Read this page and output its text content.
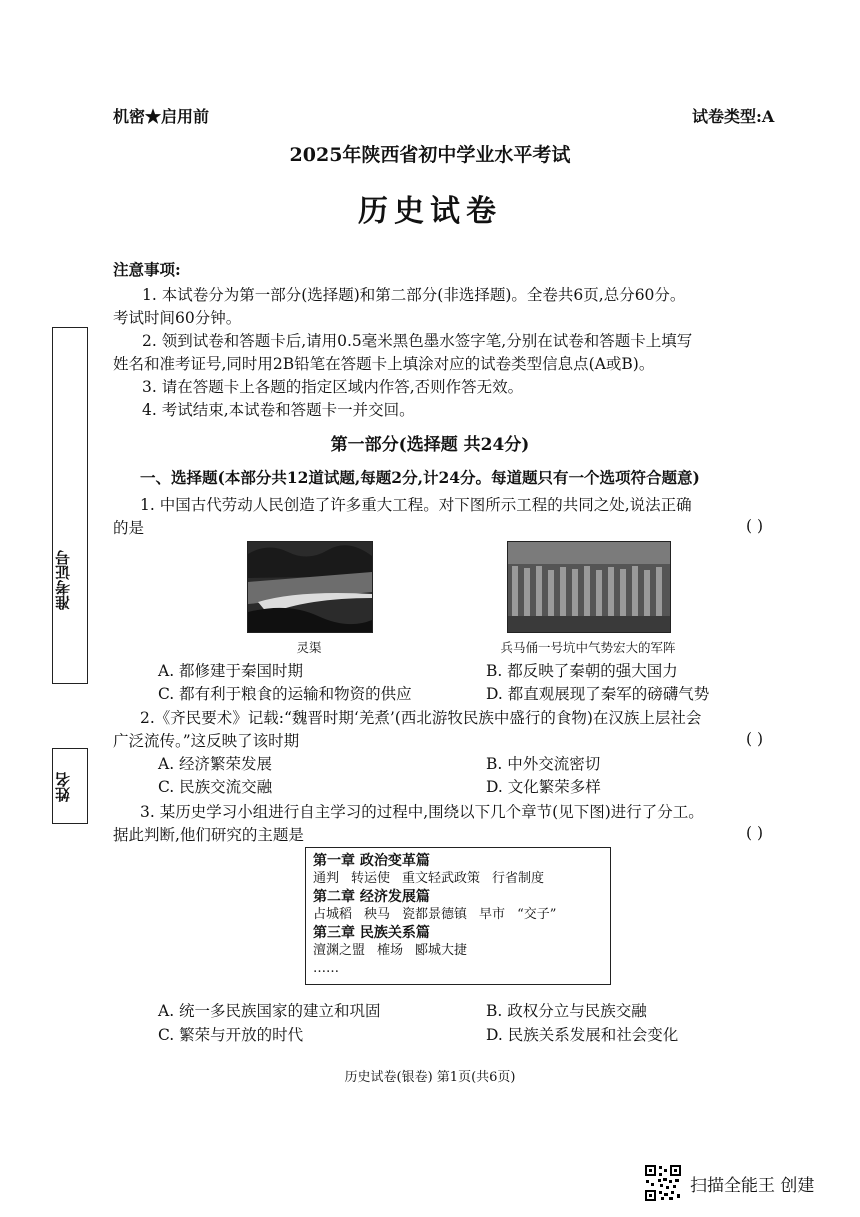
机密★启用前	试卷类型:A
2025年陕西省初中学业水平考试
历史试卷
注意事项:
1. 本试卷分为第一部分(选择题)和第二部分(非选择题)。全卷共6页,总分60分。
考试时间60分钟。
2. 领到试卷和答题卡后,请用0.5毫米黑色墨水签字笔,分别在试卷和答题卡上填写
姓名和准考证号,同时用2B铅笔在答题卡上填涂对应的试卷类型信息点(A或B)。
3. 请在答题卡上各题的指定区域内作答,否则作答无效。
4. 考试结束,本试卷和答题卡一并交回。
第一部分(选择题 共24分)
一、选择题(本部分共12道试题,每题2分,计24分。每道题只有一个选项符合题意)
准考证号
姓名
1. 中国古代劳动人民创造了许多重大工程。对下图所示工程的共同之处,说法正确
的是	( )
灵渠	兵马俑一号坑中气势宏大的军阵
A. 都修建于秦国时期	B. 都反映了秦朝的强大国力
C. 都有利于粮食的运输和物资的供应	D. 都直观展现了秦军的磅礴气势
2.《齐民要术》记载:“魏晋时期‘羌煮’(西北游牧民族中盛行的食物)在汉族上层社会
广泛流传。”这反映了该时期	( )
A. 经济繁荣发展	B. 中外交流密切
C. 民族交流交融	D. 文化繁荣多样
3. 某历史学习小组进行自主学习的过程中,围绕以下几个章节(见下图)进行了分工。
据此判断,他们研究的主题是	( )
第一章 政治变革篇
通判 转运使 重文轻武政策 行省制度
第二章 经济发展篇
占城稻 秧马 瓷都景德镇 早市 “交子”
第三章 民族关系篇
澶渊之盟 榷场 郾城大捷
……
A. 统一多民族国家的建立和巩固	B. 政权分立与民族交融
C. 繁荣与开放的时代	D. 民族关系发展和社会变化
历史试卷(银卷) 第1页(共6页)
扫描全能王 创建
